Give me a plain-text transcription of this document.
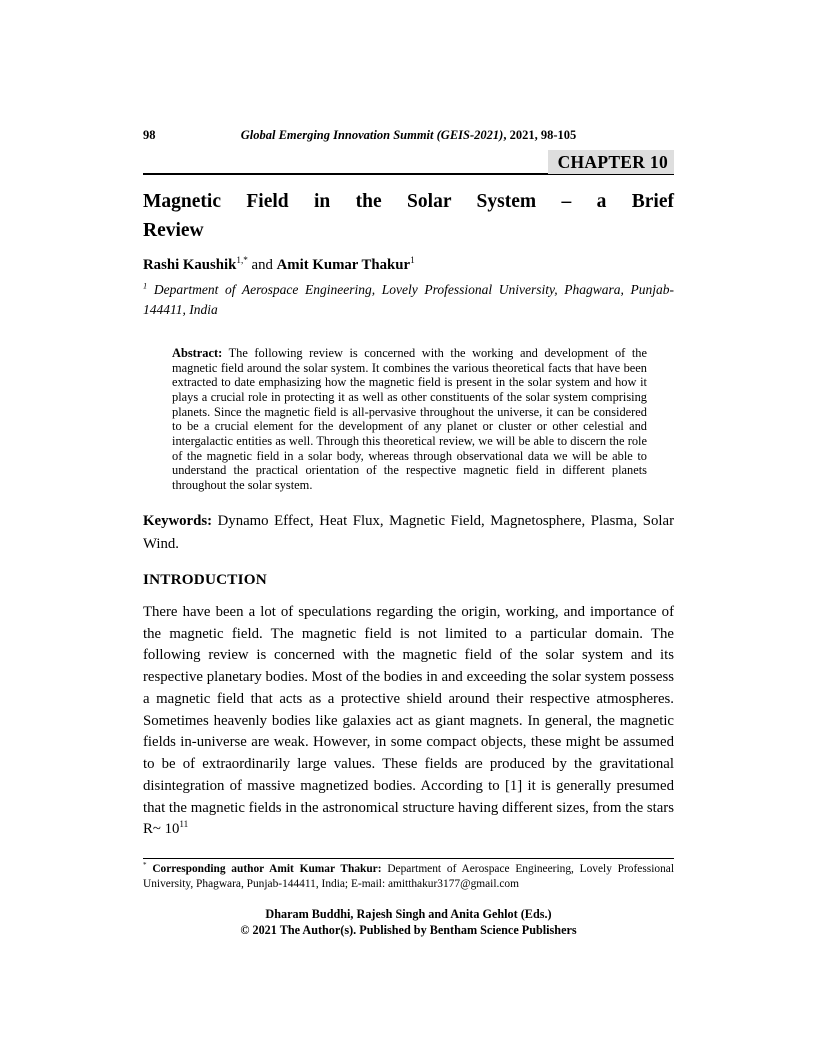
98	Global Emerging Innovation Summit (GEIS-2021), 2021, 98-105
CHAPTER 10
Magnetic Field in the Solar System – a Brief
Review

Rashi Kaushik$^{1,*}$ and Amit Kumar Thakur$^1$

$^1$ Department of Aerospace Engineering, Lovely Professional University, Phagwara, Punjab-144411, India

Abstract: The following review is concerned with the working and development of the magnetic field around the solar system. It combines the various theoretical facts that have been extracted to date emphasizing how the magnetic field is present in the solar system and how it plays a crucial role in protecting it as well as other constituents of the solar system comprising planets. Since the magnetic field is all-pervasive throughout the universe, it can be considered to be a crucial element for the development of any planet or cluster or other celestial and intergalactic entities as well. Through this theoretical review, we will be able to discern the role of the magnetic field in a solar body, whereas through observational data we will be able to understand the practical orientation of the respective magnetic field in different planets throughout the solar system.

Keywords: Dynamo Effect, Heat Flux, Magnetic Field, Magnetosphere, Plasma, Solar Wind.

INTRODUCTION

There have been a lot of speculations regarding the origin, working, and importance of the magnetic field. The magnetic field is not limited to a particular domain. The following review is concerned with the magnetic field of the solar system and its respective planetary bodies. Most of the bodies in and exceeding the solar system possess a magnetic field that acts as a protective shield around their respective atmospheres. Sometimes heavenly bodies like galaxies act as giant magnets. In general, the magnetic fields in-universe are weak. However, in some compact objects, these might be assumed to be of extraordinarily large values. These fields are produced by the gravitational disintegration of massive magnetized bodies. According to [1] it is generally presumed that the magnetic fields in the astronomical structure having different sizes, from the stars R~ $10^{11}$

* Corresponding author Amit Kumar Thakur: Department of Aerospace Engineering, Lovely Professional University, Phagwara, Punjab-144411, India; E-mail: amitthakur3177@gmail.com

Dharam Buddhi, Rajesh Singh and Anita Gehlot (Eds.)
© 2021 The Author(s). Published by Bentham Science Publishers
